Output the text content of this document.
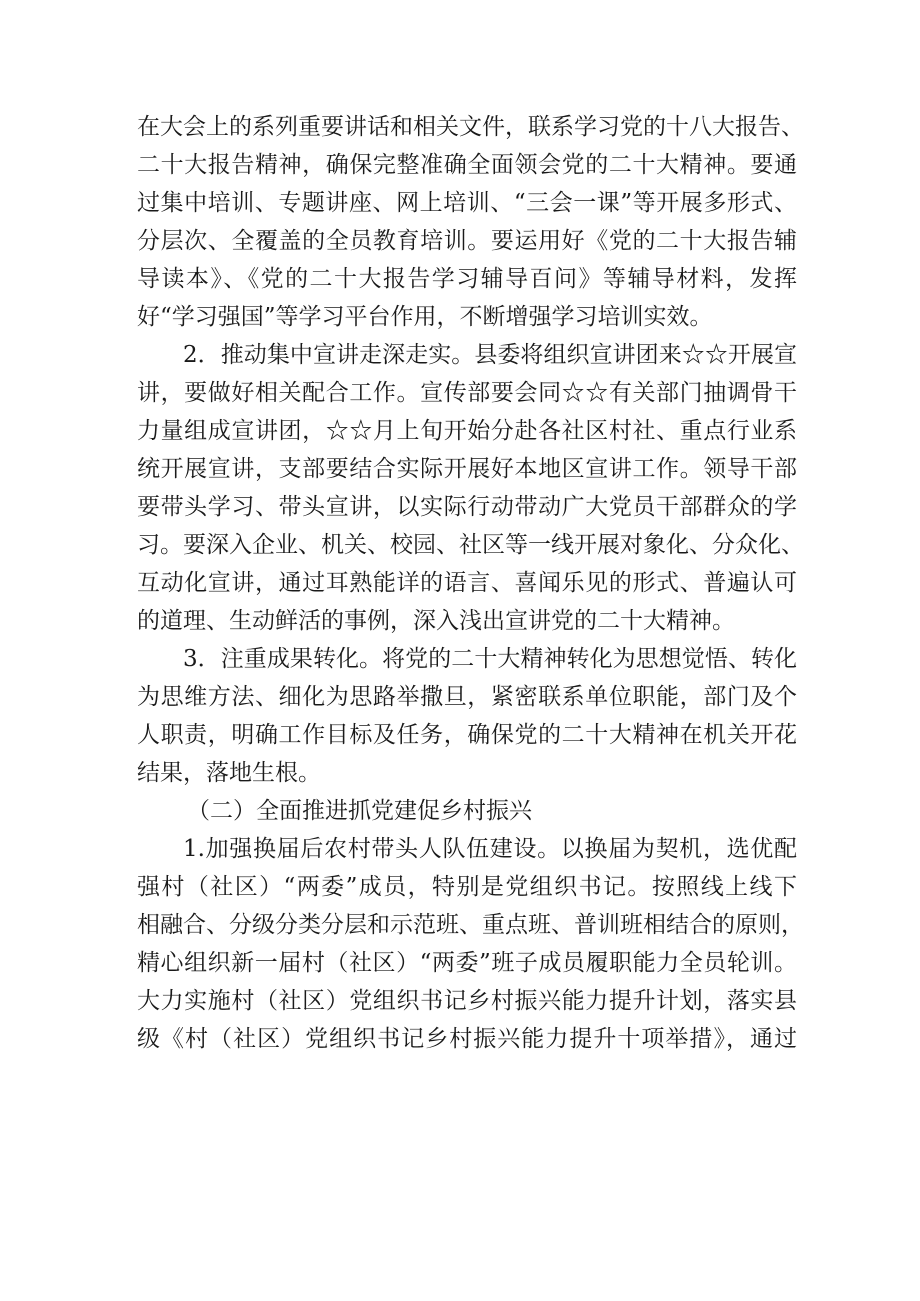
在大会上的系列重要讲话和相关文件，联系学习党的十八大报告、
二十大报告精神，确保完整准确全面领会党的二十大精神。要通
过集中培训、专题讲座、网上培训、“三会一课”等开展多形式、
分层次、全覆盖的全员教育培训。要运用好《党的二十大报告辅
导读本》、《党的二十大报告学习辅导百问》等辅导材料，发挥
好“学习强国”等学习平台作用，不断增强学习培训实效。
2．推动集中宣讲走深走实。县委将组织宣讲团来☆☆开展宣
讲，要做好相关配合工作。宣传部要会同☆☆有关部门抽调骨干
力量组成宣讲团，☆☆月上旬开始分赴各社区村社、重点行业系
统开展宣讲，支部要结合实际开展好本地区宣讲工作。领导干部
要带头学习、带头宣讲，以实际行动带动广大党员干部群众的学
习。要深入企业、机关、校园、社区等一线开展对象化、分众化、
互动化宣讲，通过耳熟能详的语言、喜闻乐见的形式、普遍认可
的道理、生动鲜活的事例，深入浅出宣讲党的二十大精神。
3．注重成果转化。将党的二十大精神转化为思想觉悟、转化
为思维方法、细化为思路举撒旦，紧密联系单位职能，部门及个
人职责，明确工作目标及任务，确保党的二十大精神在机关开花
结果，落地生根。
（二）全面推进抓党建促乡村振兴
1.加强换届后农村带头人队伍建设。以换届为契机，选优配
强村（社区）“两委”成员，特别是党组织书记。按照线上线下
相融合、分级分类分层和示范班、重点班、普训班相结合的原则，
精心组织新一届村（社区）“两委”班子成员履职能力全员轮训。
大力实施村（社区）党组织书记乡村振兴能力提升计划，落实县
级《村（社区）党组织书记乡村振兴能力提升十项举措》，通过
